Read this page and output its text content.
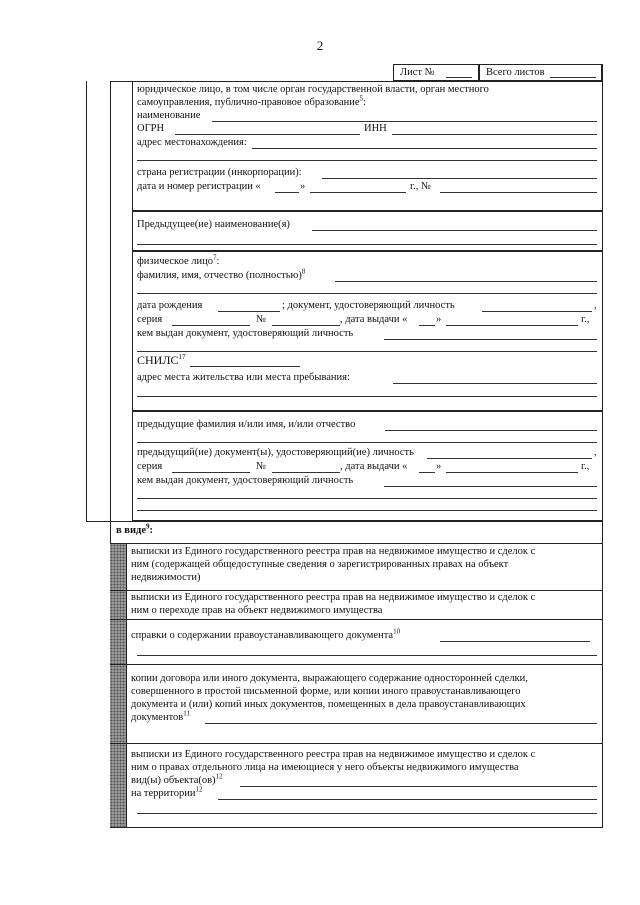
2
Лист №	Всего листов
юридическое лицо, в том числе орган государственной власти, орган местного
самоуправления, публично-правовое образование$^5$:
наименование
ОГРН	ИНН
адрес местонахождения:
страна регистрации (инкорпорации):
дата и номер регистрации «	»	г., №
Предыдущее(ие) наименование(я)
физическое лицо$^7$:
фамилия, имя, отчество (полностью)$^8$
дата рождения	; документ, удостоверяющий личность	,
серия	№	, дата выдачи «	»	г.,
кем выдан документ, удостоверяющий личность
СНИЛС$^{17}$
адрес места жительства или места пребывания:
предыдущие фамилия и/или имя, и/или отчество
предыдущий(ие) документ(ы), удостоверяющий(ие) личность	,
серия	№	, дата выдачи «	»	г.,
кем выдан документ, удостоверяющий личность
в виде$^9$:
выписки из Единого государственного реестра прав на недвижимое имущество и сделок с
ним (содержащей общедоступные сведения о зарегистрированных правах на объект
недвижимости)
выписки из Единого государственного реестра прав на недвижимое имущество и сделок с
ним о переходе прав на объект недвижимого имущества
справки о содержании правоустанавливающего документа$^{10}$
копии договора или иного документа, выражающего содержание односторонней сделки,
совершенного в простой письменной форме, или копии иного правоустанавливающего
документа и (или) копий иных документов, помещенных в дела правоустанавливающих
документов$^{11}$
выписки из Единого государственного реестра прав на недвижимое имущество и сделок с
ним о правах отдельного лица на имеющиеся у него объекты недвижимого имущества
вид(ы) объекта(ов)$^{12}$
на территории$^{12}$
